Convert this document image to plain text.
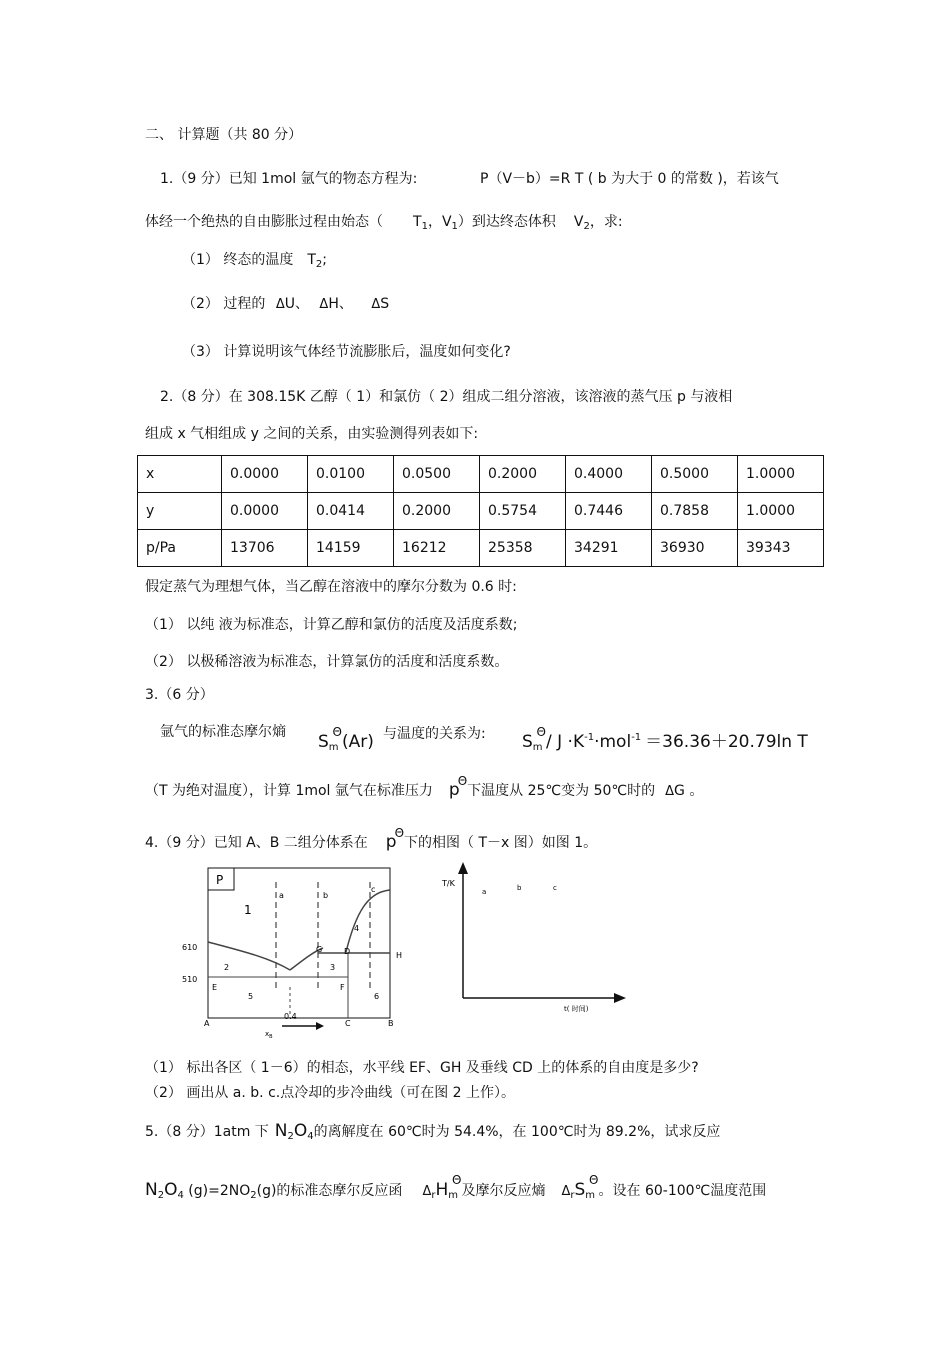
二、 计算题（共 80 分）
1.（9 分）已知 1mol 氩气的物态方程为:	P（V－b）=R T ( b 为大于 0 的常数 )，若该气
体经一个绝热的自由膨胀过程由始态（ $T_1$，$V_1$）到达终态体积 $V_2$，求:
（1） 终态的温度 $T_2$;
（2） 过程的 ΔU、 ΔH、 ΔS
（3） 计算说明该气体经节流膨胀后，温度如何变化?
2.（8 分）在 308.15K 乙醇（ 1）和氯仿（ 2）组成二组分溶液，该溶液的蒸气压 p 与液相
组成 x 气相组成 y 之间的关系，由实验测得列表如下:
x	0.0000	0.0100	0.0500	0.2000	0.4000	0.5000	1.0000
y	0.0000	0.0414	0.2000	0.5754	0.7446	0.7858	1.0000
p/Pa	13706	14159	16212	25358	34291	36930	39343
假定蒸气为理想气体，当乙醇在溶液中的摩尔分数为 0.6 时:
（1） 以纯 液为标准态，计算乙醇和氯仿的活度及活度系数;
（2） 以极稀溶液为标准态，计算氯仿的活度和活度系数。
3.（6 分）
氩气的标准态摩尔熵 $S_m^\Theta(Ar)$ 与温度的关系为: $S_m^\Theta/$ $J \cdot K^{-1}\cdot mol^{-1} =36.36+20.79\ln$ T
（T 为绝对温度），计算 1mol 氩气在标准压力 $p^\Theta$下温度从 25℃变为 50℃时的 ΔG 。
4.（9 分）已知 A、B 二组分体系在 $p^\Theta$下的相图（ T－x 图）如图 1。
P
a	b
c
1
2	3
4
5	6
G	D	H
E	F
610
510
A	C	B
0.4
$x_B$
T/K
a	b	c
t( 时间)
（1） 标出各区（ 1－6）的相态，水平线 EF、GH 及垂线 CD 上的体系的自由度是多少?
（2） 画出从 a. b. c.点冷却的步冷曲线（可在图 2 上作）。
5.（8 分）1atm 下 $N_2O_4$的离解度在 60℃时为 54.4%，在 100℃时为 89.2%，试求反应
$N_2O_4$ $(g)=2NO_2(g)$的标准态摩尔反应函 $\Delta_rH_m^\Theta$及摩尔反应熵 $\Delta_rS_m^\Theta$。设在 60-100℃温度范围
